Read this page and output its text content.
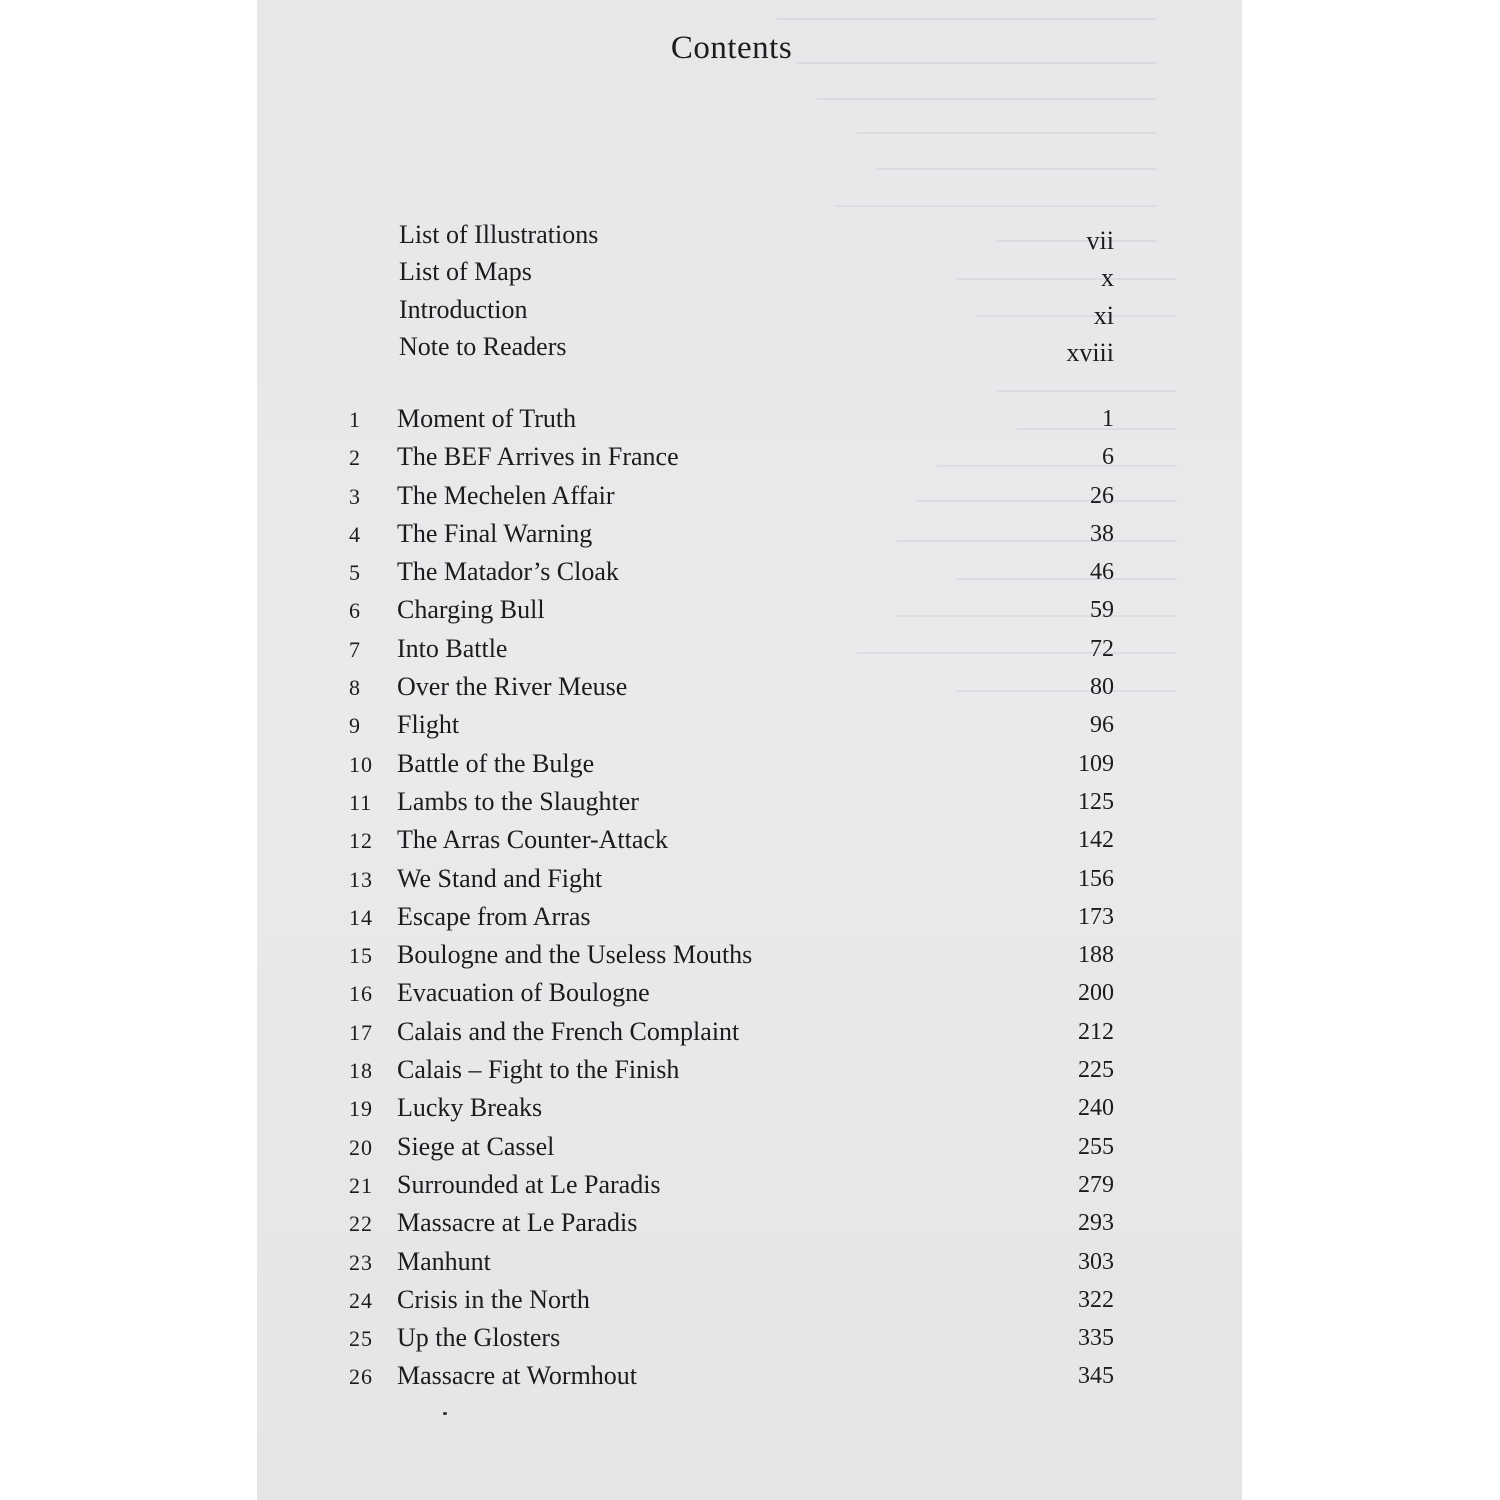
Contents
List of Illustrations	vii
List of Maps	x
Introduction	xi
Note to Readers	xviii
1	Moment of Truth	1
2	The BEF Arrives in France	6
3	The Mechelen Affair	26
4	The Final Warning	38
5	The Matador’s Cloak	46
6	Charging Bull	59
7	Into Battle	72
8	Over the River Meuse	80
9	Flight	96
10 Battle of the Bulge	109
11 Lambs to the Slaughter	125
12 The Arras Counter-Attack	142
13 We Stand and Fight	156
14 Escape from Arras	173
15 Boulogne and the Useless Mouths	188
16 Evacuation of Boulogne	200
17 Calais and the French Complaint	212
18 Calais – Fight to the Finish	225
19 Lucky Breaks	240
20 Siege at Cassel	255
21 Surrounded at Le Paradis	279
22 Massacre at Le Paradis	293
23 Manhunt	303
24 Crisis in the North	322
25 Up the Glosters	335
26 Massacre at Wormhout	345
